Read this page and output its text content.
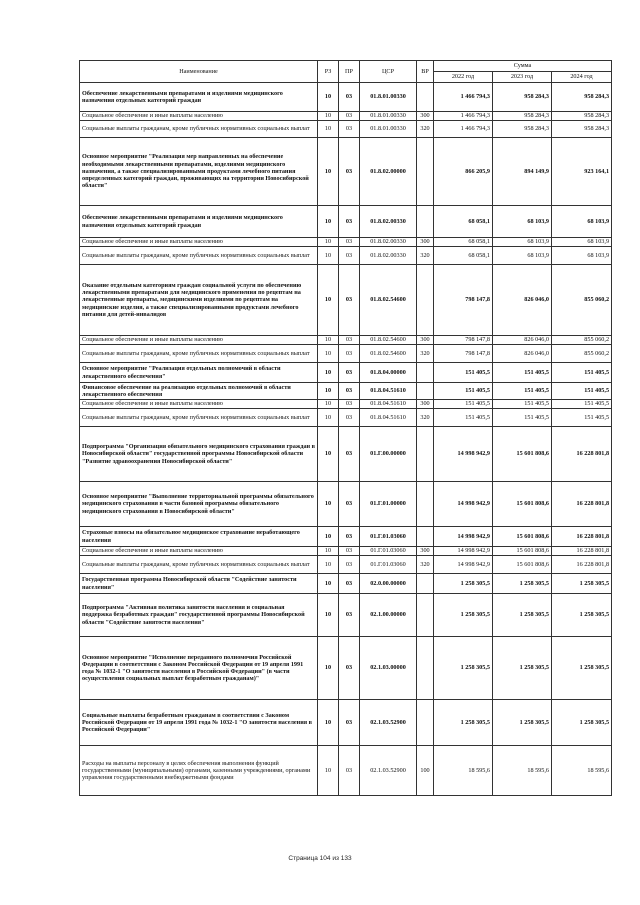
Наименование	РЗ	ПР	ЦСР	ВР	Сумма		
					2022 год	2023 год	2024 год
Обеспечение лекарственными препаратами и изделиями медицинского назначения отдельных категорий граждан	10	03	01.8.01.00330		1 466 794,3	958 284,3	958 284,3
Социальное обеспечение и иные выплаты населению	10	03	01.8.01.00330	300	1 466 794,3	958 284,3	958 284,3
Социальные выплаты гражданам, кроме публичных нормативных социальных выплат	10	03	01.8.01.00330	320	1 466 794,3	958 284,3	958 284,3
Основное мероприятие "Реализация мер направленных на обеспечение необходимыми лекарственными препаратами, изделиями медицинского назначения, а также специализированными продуктами лечебного питания определенных категорий граждан, проживающих на территории Новосибирской области"	10	03	01.8.02.00000		866 205,9	894 149,9	923 164,1
Обеспечение лекарственными препаратами и изделиями медицинского назначения отдельных категорий граждан	10	03	01.8.02.00330		68 058,1	68 103,9	68 103,9
Социальное обеспечение и иные выплаты населению	10	03	01.8.02.00330	300	68 058,1	68 103,9	68 103,9
Социальные выплаты гражданам, кроме публичных нормативных социальных выплат	10	03	01.8.02.00330	320	68 058,1	68 103,9	68 103,9
Оказание отдельным категориям граждан социальной услуги по обеспечению лекарственными препаратами для медицинского применения по рецептам на лекарственные препараты, медицинскими изделиями по рецептам на медицинские изделия, а также специализированными продуктами лечебного питания для детей-инвалидов	10	03	01.8.02.54600		798 147,8	826 046,0	855 060,2
Социальное обеспечение и иные выплаты населению	10	03	01.8.02.54600	300	798 147,8	826 046,0	855 060,2
Социальные выплаты гражданам, кроме публичных нормативных социальных выплат	10	03	01.8.02.54600	320	798 147,8	826 046,0	855 060,2
Основное мероприятие "Реализация отдельных полномочий в области лекарственного обеспечения"	10	03	01.8.04.00000		151 405,5	151 405,5	151 405,5
Финансовое обеспечение на реализацию отдельных полномочий в области лекарственного обеспечения	10	03	01.8.04.51610		151 405,5	151 405,5	151 405,5
Социальное обеспечение и иные выплаты населению	10	03	01.8.04.51610	300	151 405,5	151 405,5	151 405,5
Социальные выплаты гражданам, кроме публичных нормативных социальных выплат	10	03	01.8.04.51610	320	151 405,5	151 405,5	151 405,5
Подпрограмма "Организация обязательного медицинского страхования граждан в Новосибирской области" государственной программы Новосибирской области "Развитие здравоохранения Новосибирской области"	10	03	01.Г.00.00000		14 998 942,9	15 601 808,6	16 228 801,8
Основное мероприятие "Выполнение территориальной программы обязательного медицинского страхования в части базовой программы обязательного медицинского страхования в Новосибирской области"	10	03	01.Г.01.00000		14 998 942,9	15 601 808,6	16 228 801,8
Страховые взносы на обязательное медицинское страхование неработающего населения	10	03	01.Г.01.03060		14 998 942,9	15 601 808,6	16 228 801,8
Социальное обеспечение и иные выплаты населению	10	03	01.Г.01.03060	300	14 998 942,9	15 601 808,6	16 228 801,8
Социальные выплаты гражданам, кроме публичных нормативных социальных выплат	10	03	01.Г.01.03060	320	14 998 942,9	15 601 808,6	16 228 801,8
Государственная программа Новосибирской области "Содействие занятости населения"	10	03	02.0.00.00000		1 258 305,5	1 258 305,5	1 258 305,5
Подпрограмма "Активная политика занятости населения и социальная поддержка безработных граждан" государственной программы Новосибирской области "Содействие занятости населения"	10	03	02.1.00.00000		1 258 305,5	1 258 305,5	1 258 305,5
Основное мероприятие "Исполнение переданного полномочия Российской Федерации в соответствии с Законом Российской Федерации от 19 апреля 1991 года № 1032-1 "О занятости населения в Российской Федерации" (в части осуществления социальных выплат безработным гражданам)"	10	03	02.1.03.00000		1 258 305,5	1 258 305,5	1 258 305,5
Социальные выплаты безработным гражданам в соответствии с Законом Российской Федерации от 19 апреля 1991 года № 1032-1 "О занятости населения в Российской Федерации"	10	03	02.1.03.52900		1 258 305,5	1 258 305,5	1 258 305,5
Расходы на выплаты персоналу в целях обеспечения выполнения функций государственными (муниципальными) органами, казенными учреждениями, органами управления государственными внебюджетными фондами	10	03	02.1.03.52900	100	18 595,6	18 595,6	18 595,6
Страница 104 из 133
